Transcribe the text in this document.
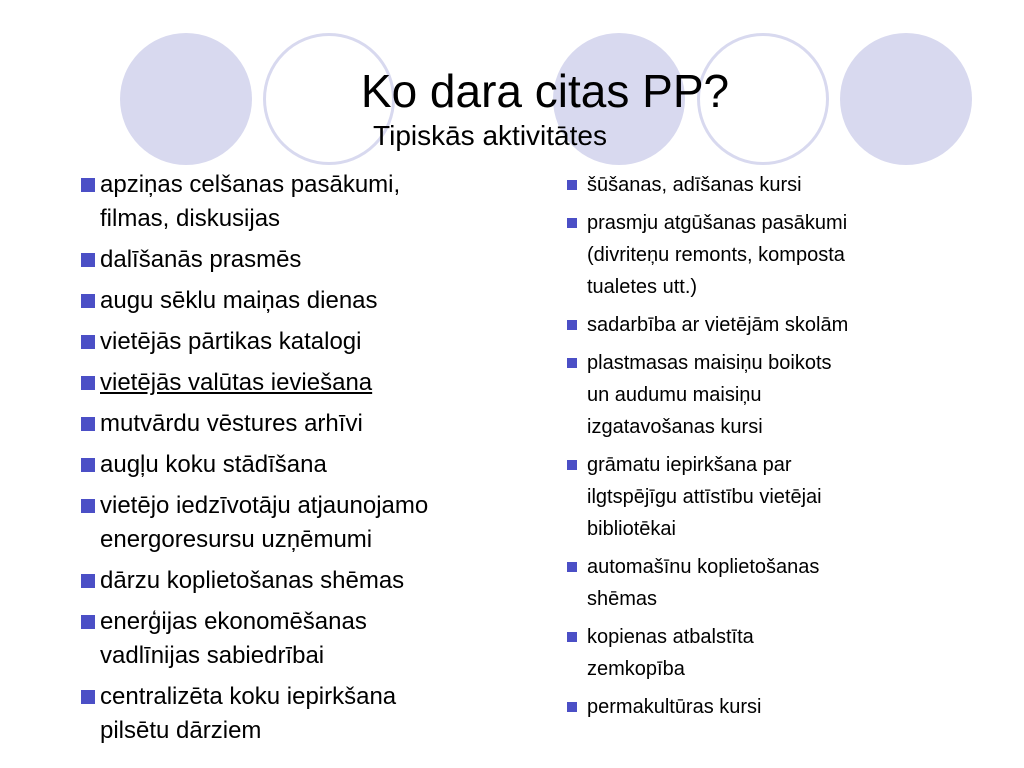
Ko dara citas PP?
Tipiskās aktivitātes
apziņas celšanas pasākumi,
filmas, diskusijas
dalīšanās prasmēs
augu sēklu maiņas dienas
vietējās pārtikas katalogi
vietējās valūtas ieviešana
mutvārdu vēstures arhīvi
augļu koku stādīšana
vietējo iedzīvotāju atjaunojamo
energoresursu uzņēmumi
dārzu koplietošanas shēmas
enerģijas ekonomēšanas
vadlīnijas sabiedrībai
centralizēta koku iepirkšana
pilsētu dārziem
šūšanas, adīšanas kursi
prasmju atgūšanas pasākumi
(divriteņu remonts, komposta
tualetes utt.)
sadarbība ar vietējām skolām
plastmasas maisiņu boikots
un audumu maisiņu
izgatavošanas kursi
grāmatu iepirkšana par
ilgtspējīgu attīstību vietējai
bibliotēkai
automašīnu koplietošanas
shēmas
kopienas atbalstīta
zemkopība
permakultūras kursi
